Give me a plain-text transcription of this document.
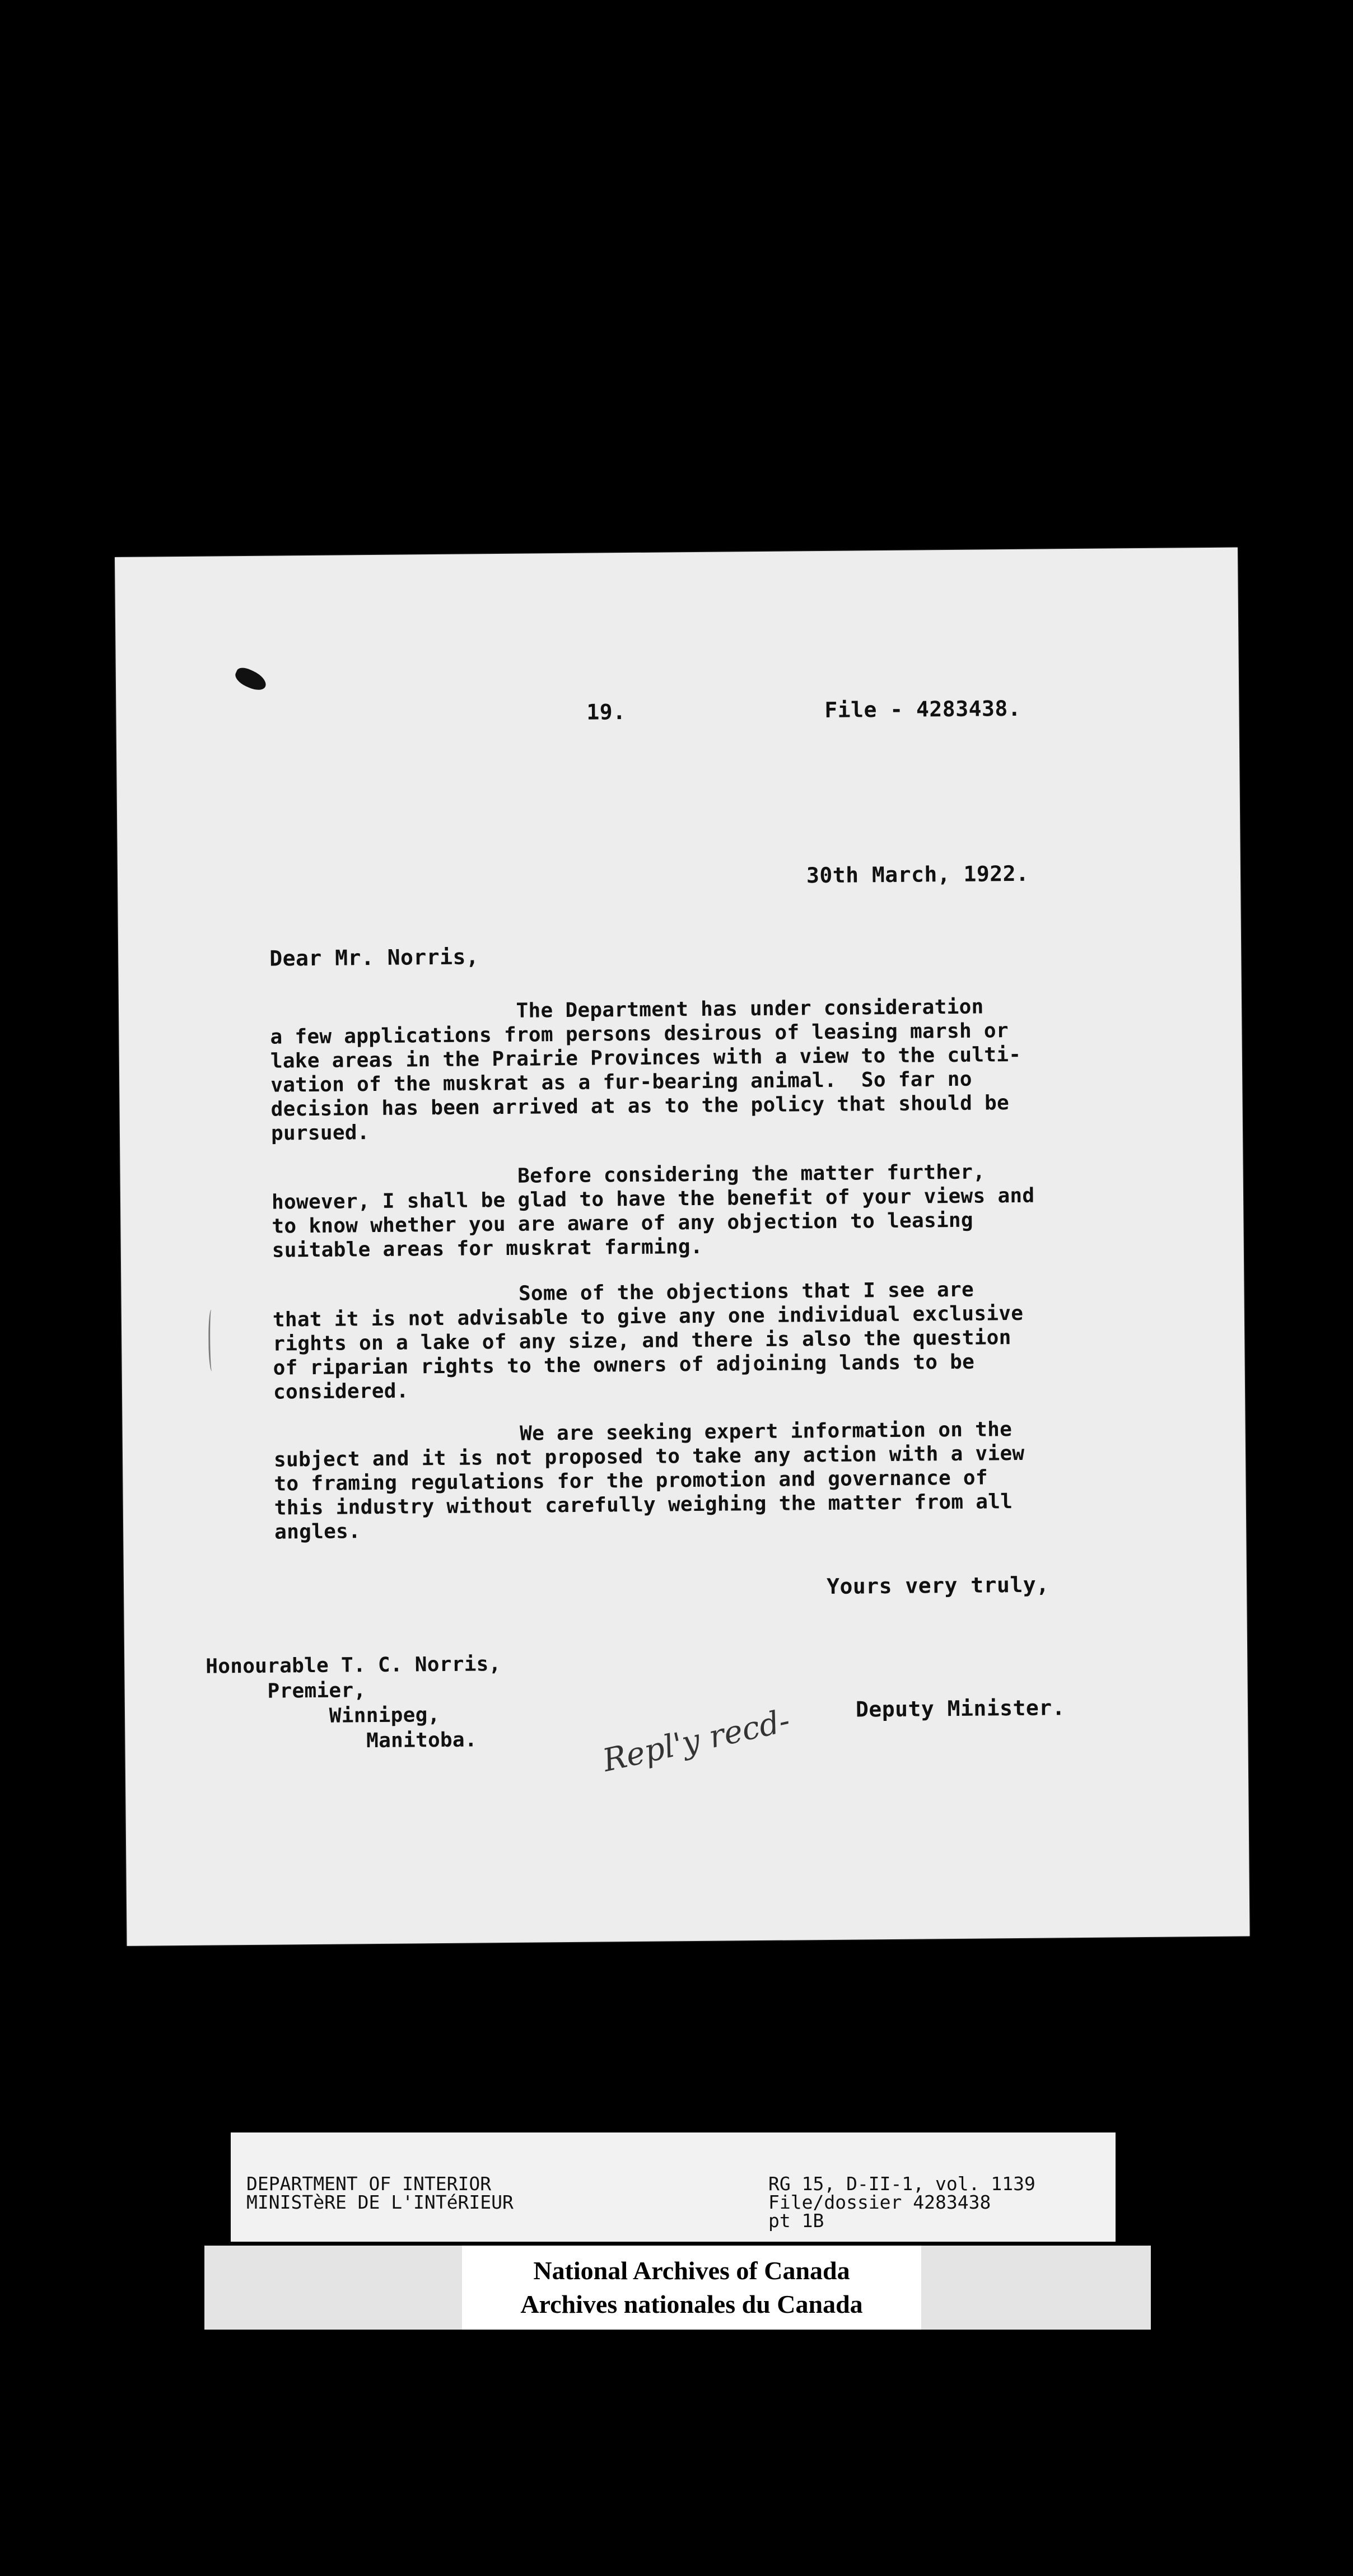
19.	File - 4283438.
30th March, 1922.
Dear Mr. Norris,
The Department has under consideration
a few applications from persons desirous of leasing marsh or
lake areas in the Prairie Provinces with a view to the culti-
vation of the muskrat as a fur-bearing animal.  So far no
decision has been arrived at as to the policy that should be
pursued.
Before considering the matter further,
however, I shall be glad to have the benefit of your views and
to know whether you are aware of any objection to leasing
suitable areas for muskrat farming.
Some of the objections that I see are
that it is not advisable to give any one individual exclusive
rights on a lake of any size, and there is also the question
of riparian rights to the owners of adjoining lands to be
considered.
We are seeking expert information on the
subject and it is not proposed to take any action with a view
to framing regulations for the promotion and governance of
this industry without carefully weighing the matter from all
angles.
Yours very truly,
Honourable T. C. Norris,
Premier,
Winnipeg,
Manitoba.
Deputy Minister.
Repl'y recd-
DEPARTMENT OF INTERIOR
MINISTèRE DE L'INTéRIEUR
RG 15, D-II-1, vol. 1139
File/dossier 4283438
pt 1B
National Archives of Canada
Archives nationales du Canada
